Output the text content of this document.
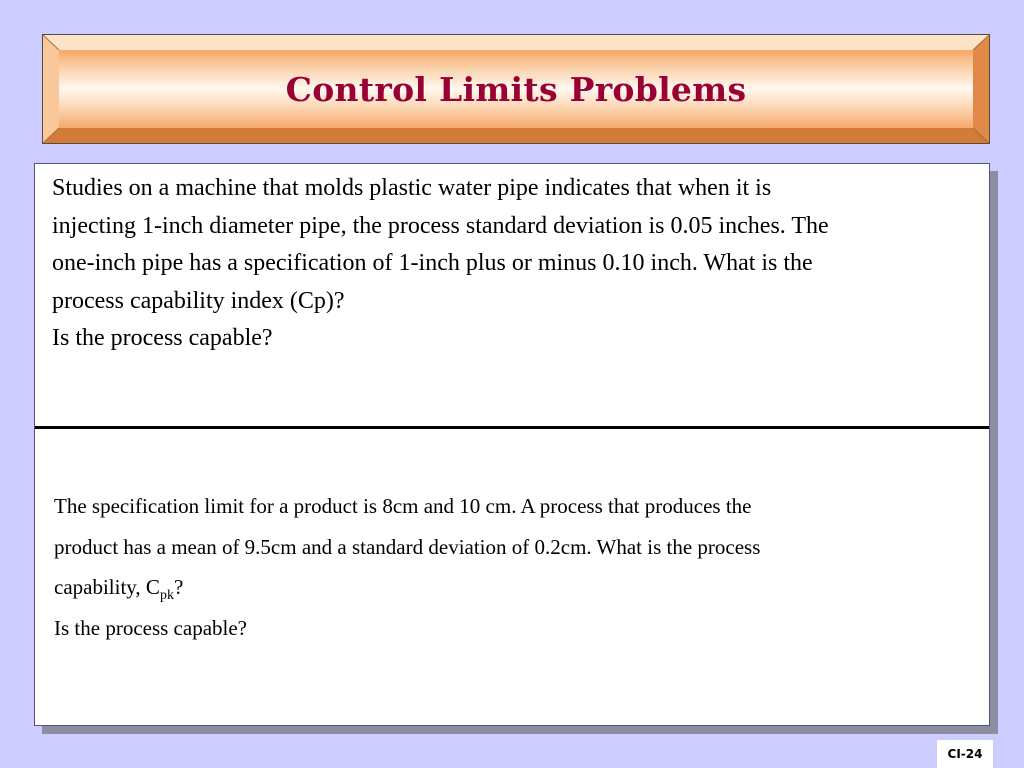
Control Limits Problems
Studies on a machine that molds plastic water pipe indicates that when it is
injecting 1-inch diameter pipe, the process standard deviation is 0.05 inches. The
one-inch pipe has a specification of 1-inch plus or minus 0.10 inch. What is the
process capability index (Cp)?
Is the process capable?
The specification limit for a product is 8cm and 10 cm. A process that produces the
product has a mean of 9.5cm and a standard deviation of 0.2cm. What is the process
capability, $C_{pk}$?
Is the process capable?
CI-24
